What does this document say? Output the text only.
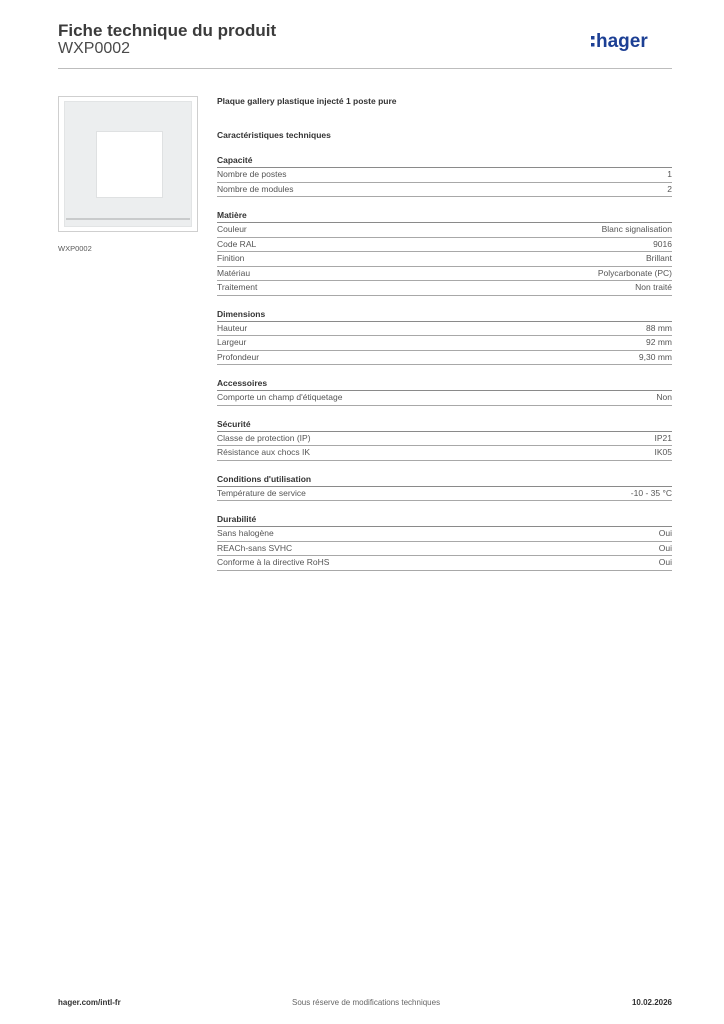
Fiche technique du produit
WXP0002	hager
WXP0002
Plaque gallery plastique injecté 1 poste pure
Caractéristiques techniques
Capacité
Nombre de postes	1
Nombre de modules	2
Matière
Couleur	Blanc signalisation
Code RAL	9016
Finition	Brillant
Matériau	Polycarbonate (PC)
Traitement	Non traité
Dimensions
Hauteur	88 mm
Largeur	92 mm
Profondeur	9,30 mm
Accessoires
Comporte un champ d'étiquetage	Non
Sécurité
Classe de protection (IP)	IP21
Résistance aux chocs IK	IK05
Conditions d'utilisation
Température de service	-10 - 35 °C
Durabilité
Sans halogène	Oui
REACh-sans SVHC	Oui
Conforme à la directive RoHS	Oui
hager.com/intl-fr	Sous réserve de modifications techniques	10.02.2026
